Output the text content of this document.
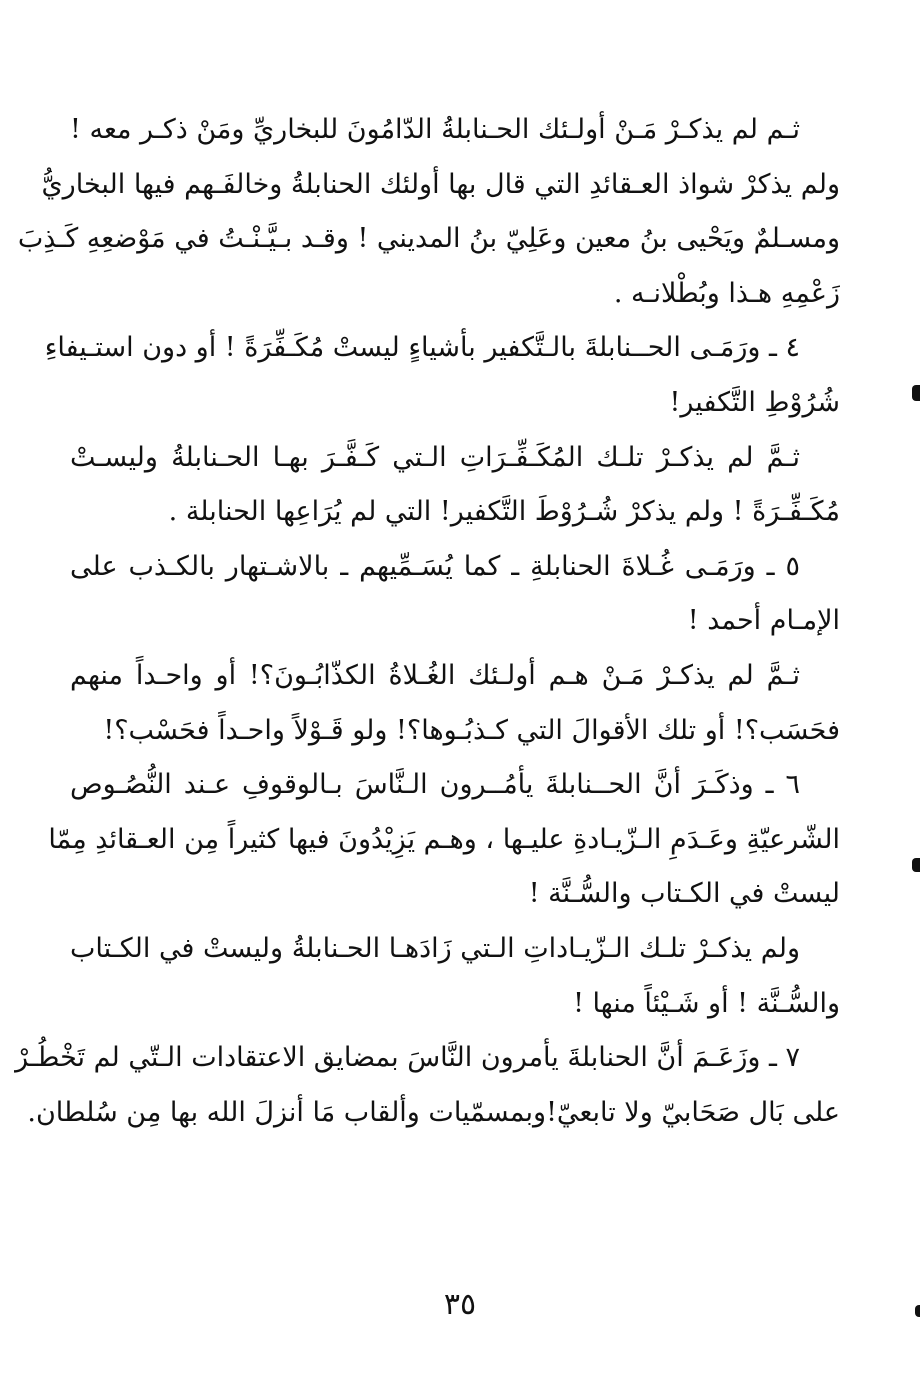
ثـم لم يذكـرْ مَـنْ أولـئك الحـنابلةُ الدّامُونَ للبخاريِّ ومَنْ ذكـر معه !
ولم يذكرْ شواذ العـقائدِ التي قال بها أولئك الحنابلةُ وخالفَـهم فيها البخاريُّ
ومسـلمٌ ويَحْيى بنُ معين وعَلِيّ بنُ المديني ! وقـد بـيَّـنْـتُ في مَوْضعِهِ كَـذِبَ
زَعْمِهِ هـذا وبُطْلانـه .
٤ ـ ورَمَـى الحــنابلةَ بالـتَّكفير بأشياءٍ ليستْ مُكَـفِّرَةً ! أو دون استـيفاءِ
شُرُوْطِ التَّكفير!
ثـمَّ لم يذكـرْ تلـك المُكَـفِّـرَاتِ الـتي كَـفَّـرَ بهـا الحـنابلةُ وليسـتْ
مُكَـفِّـرَةً ! ولم يذكرْ شُـرُوْطَ التَّكفير! التي لم يُرَاعِها الحنابلة .
٥ ـ ورَمَـى غُـلاةَ الحنابلةِ ـ كما يُسَـمِّيهم ـ بالاشـتهار بالكـذب على
الإمـام أحمد !
ثـمَّ لم يذكـرْ مَـنْ هـم أولـئك الغُـلاةُ الكذّابُـونَ؟! أو واحـداً منهم
فحَسَب؟! أو تلك الأقوالَ التي كـذبُـوها؟! ولو قَـوْلاً واحـداً فحَسْب؟!
٦ ـ وذكَـرَ أنَّ الحــنابلةَ يأمُــرون الـنَّاسَ بـالوقوفِ عـند النُّصُـوص
الشّرعيّةِ وعَـدَمِ الـزّيـادةِ عليـها ، وهـم يَزِيْدُونَ فيها كثيراً مِن العـقائدِ مِمّا
ليستْ في الكـتاب والسُّـنَّة !
ولم يذكـرْ تلـك الـزّيـاداتِ الـتي زَادَهـا الحـنابلةُ وليستْ في الكـتاب
والسُّـنَّة ! أو شَـيْئاً منها !
٧ ـ وزَعَـمَ أنَّ الحنابلةَ يأمرون النَّاسَ بمضايق الاعتقادات الـتّي لم تَخْطُـرْ
على بَال صَحَابيّ ولا تابعيّ!وبمسمّيات وألقاب مَا أنزلَ الله بها مِن سُلطان.
٣٥
